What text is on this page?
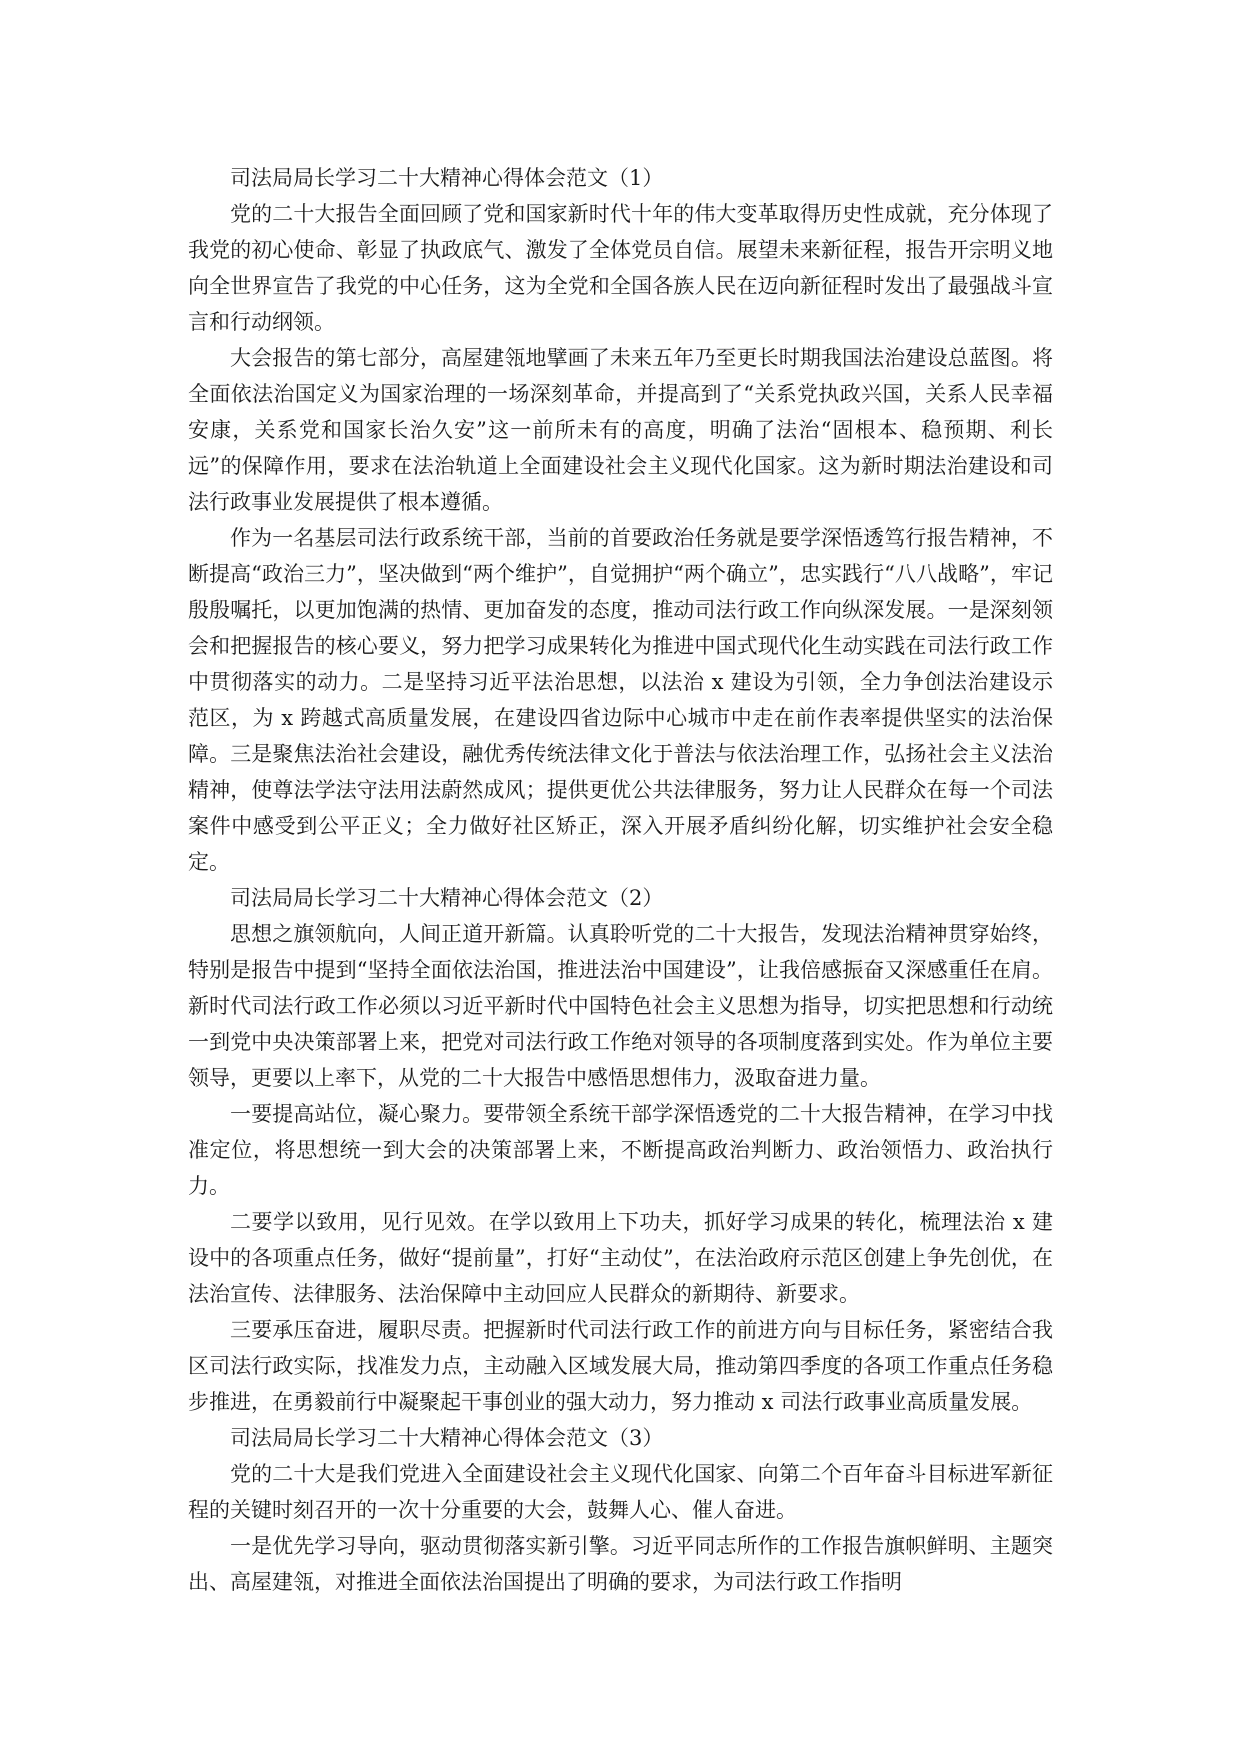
司法局局长学习二十大精神心得体会范文（1）

党的二十大报告全面回顾了党和国家新时代十年的伟大变革取得历史性成就，充分体现了我党的初心使命、彰显了执政底气、激发了全体党员自信。展望未来新征程，报告开宗明义地向全世界宣告了我党的中心任务，这为全党和全国各族人民在迈向新征程时发出了最强战斗宣言和行动纲领。

大会报告的第七部分，高屋建瓴地擘画了未来五年乃至更长时期我国法治建设总蓝图。将全面依法治国定义为国家治理的一场深刻革命，并提高到了“关系党执政兴国，关系人民幸福安康，关系党和国家长治久安”这一前所未有的高度，明确了法治“固根本、稳预期、利长远”的保障作用，要求在法治轨道上全面建设社会主义现代化国家。这为新时期法治建设和司法行政事业发展提供了根本遵循。

作为一名基层司法行政系统干部，当前的首要政治任务就是要学深悟透笃行报告精神，不断提高“政治三力”，坚决做到“两个维护”，自觉拥护“两个确立”，忠实践行“八八战略”，牢记殷殷嘱托，以更加饱满的热情、更加奋发的态度，推动司法行政工作向纵深发展。一是深刻领会和把握报告的核心要义，努力把学习成果转化为推进中国式现代化生动实践在司法行政工作中贯彻落实的动力。二是坚持习近平法治思想，以法治 x 建设为引领，全力争创法治建设示范区，为 x 跨越式高质量发展，在建设四省边际中心城市中走在前作表率提供坚实的法治保障。三是聚焦法治社会建设，融优秀传统法律文化于普法与依法治理工作，弘扬社会主义法治精神，使尊法学法守法用法蔚然成风；提供更优公共法律服务，努力让人民群众在每一个司法案件中感受到公平正义；全力做好社区矫正，深入开展矛盾纠纷化解，切实维护社会安全稳定。

司法局局长学习二十大精神心得体会范文（2）

思想之旗领航向，人间正道开新篇。认真聆听党的二十大报告，发现法治精神贯穿始终，特别是报告中提到“坚持全面依法治国，推进法治中国建设”，让我倍感振奋又深感重任在肩。新时代司法行政工作必须以习近平新时代中国特色社会主义思想为指导，切实把思想和行动统一到党中央决策部署上来，把党对司法行政工作绝对领导的各项制度落到实处。作为单位主要领导，更要以上率下，从党的二十大报告中感悟思想伟力，汲取奋进力量。

一要提高站位，凝心聚力。要带领全系统干部学深悟透党的二十大报告精神，在学习中找准定位，将思想统一到大会的决策部署上来，不断提高政治判断力、政治领悟力、政治执行力。

二要学以致用，见行见效。在学以致用上下功夫，抓好学习成果的转化，梳理法治 x 建设中的各项重点任务，做好“提前量”，打好“主动仗”，在法治政府示范区创建上争先创优，在法治宣传、法律服务、法治保障中主动回应人民群众的新期待、新要求。

三要承压奋进，履职尽责。把握新时代司法行政工作的前进方向与目标任务，紧密结合我区司法行政实际，找准发力点，主动融入区域发展大局，推动第四季度的各项工作重点任务稳步推进，在勇毅前行中凝聚起干事创业的强大动力，努力推动 x 司法行政事业高质量发展。

司法局局长学习二十大精神心得体会范文（3）

党的二十大是我们党进入全面建设社会主义现代化国家、向第二个百年奋斗目标进军新征程的关键时刻召开的一次十分重要的大会，鼓舞人心、催人奋进。

一是优先学习导向，驱动贯彻落实新引擎。习近平同志所作的工作报告旗帜鲜明、主题突出、高屋建瓴，对推进全面依法治国提出了明确的要求，为司法行政工作指明
